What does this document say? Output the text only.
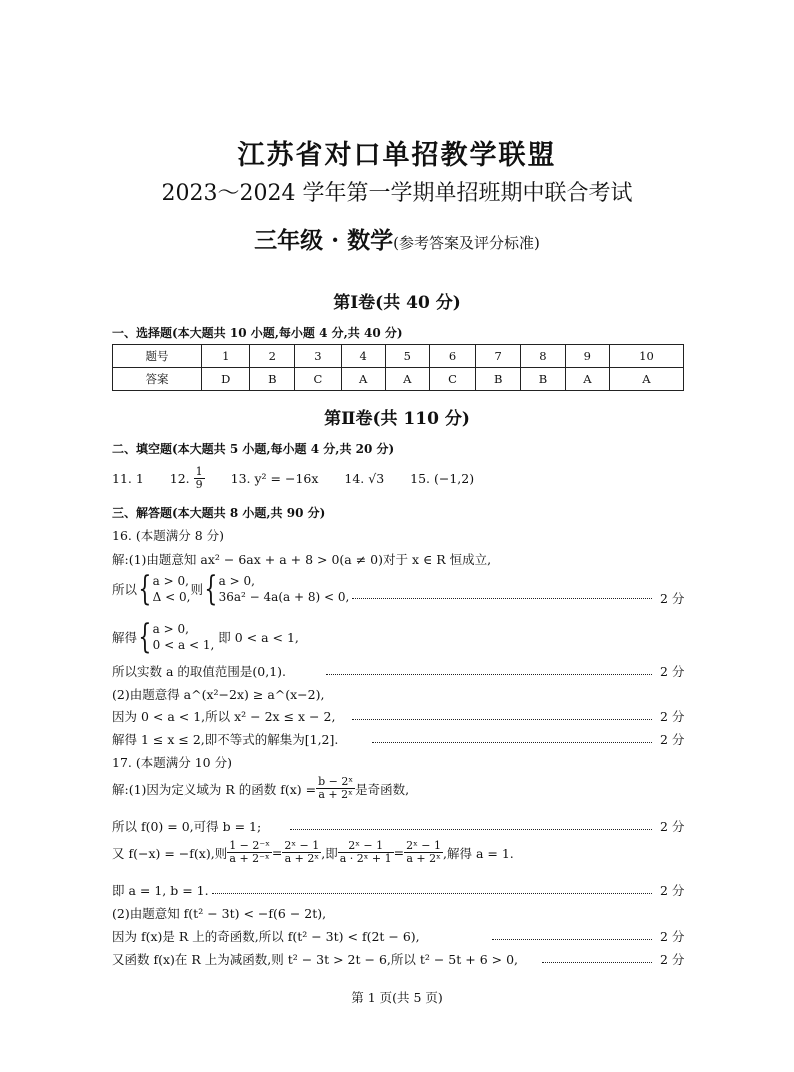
江苏省对口单招教学联盟
2023～2024 学年第一学期单招班期中联合考试
三年级 · 数学(参考答案及评分标准)
第Ⅰ卷(共 40 分)
一、选择题(本大题共 10 小题,每小题 4 分,共 40 分)
题号	1	2	3	4	5	6	7	8	9	10
答案	D	B	C	A	A	C	B	B	A	A
第Ⅱ卷(共 110 分)
二、填空题(本大题共 5 小题,每小题 4 分,共 20 分)
11. 1 12. $\frac{1}{9} 13$. y² = −16x 14. √3 15. (−1,2)
三、解答题(本大题共 8 小题,共 90 分)
16. (本题满分 8 分)
解:(1)由题意知 ax² − 6ax + a + 8 > 0(a ≠ 0)对于 x ∈ R 恒成立,
所以{a > 0,
Δ < 0,则{a > 0,
36a² − 4a(a + 8) < 0,	2 分
解得{a > 0,
0 < a < 1, 即 0 < a < 1,
所以实数 a 的取值范围是(0,1).	2 分
(2)由题意得 a^(x²−2x) ≥ a^(x−2),
因为 0 < a < 1,所以 x² − 2x ≤ x − 2,	2 分
解得 1 ≤ x ≤ 2,即不等式的解集为[1,2].	2 分
17. (本题满分 10 分)
解:(1)因为定义域为 R 的函数 $f(x) = \frac{\text{b − 2ˣ}}{\text{a + 2ˣ}}$ 是奇函数,
所以 f(0) = 0,可得 b = 1;	2 分
又 f(−x) = −f(x),则 $\frac{\text{1 − 2⁻ˣ}}{\text{a + 2⁻ˣ}} = \frac{\text{2ˣ − 1}}{\text{a + 2ˣ}}$ ,即 $\frac{\text{2ˣ − 1}}{\text{a · 2ˣ + 1}} = \frac{\text{2ˣ − 1}}{\text{a + 2ˣ}}$ ,解得 a = 1.
即 a = 1, b = 1.	2 分
(2)由题意知 f(t² − 3t) < −f(6 − 2t),
因为 f(x)是 R 上的奇函数,所以 f(t² − 3t) < f(2t − 6),	2 分
又函数 f(x)在 R 上为减函数,则 t² − 3t > 2t − 6,所以 t² − 5t + 6 > 0,	2 分
第 1 页(共 5 页)
